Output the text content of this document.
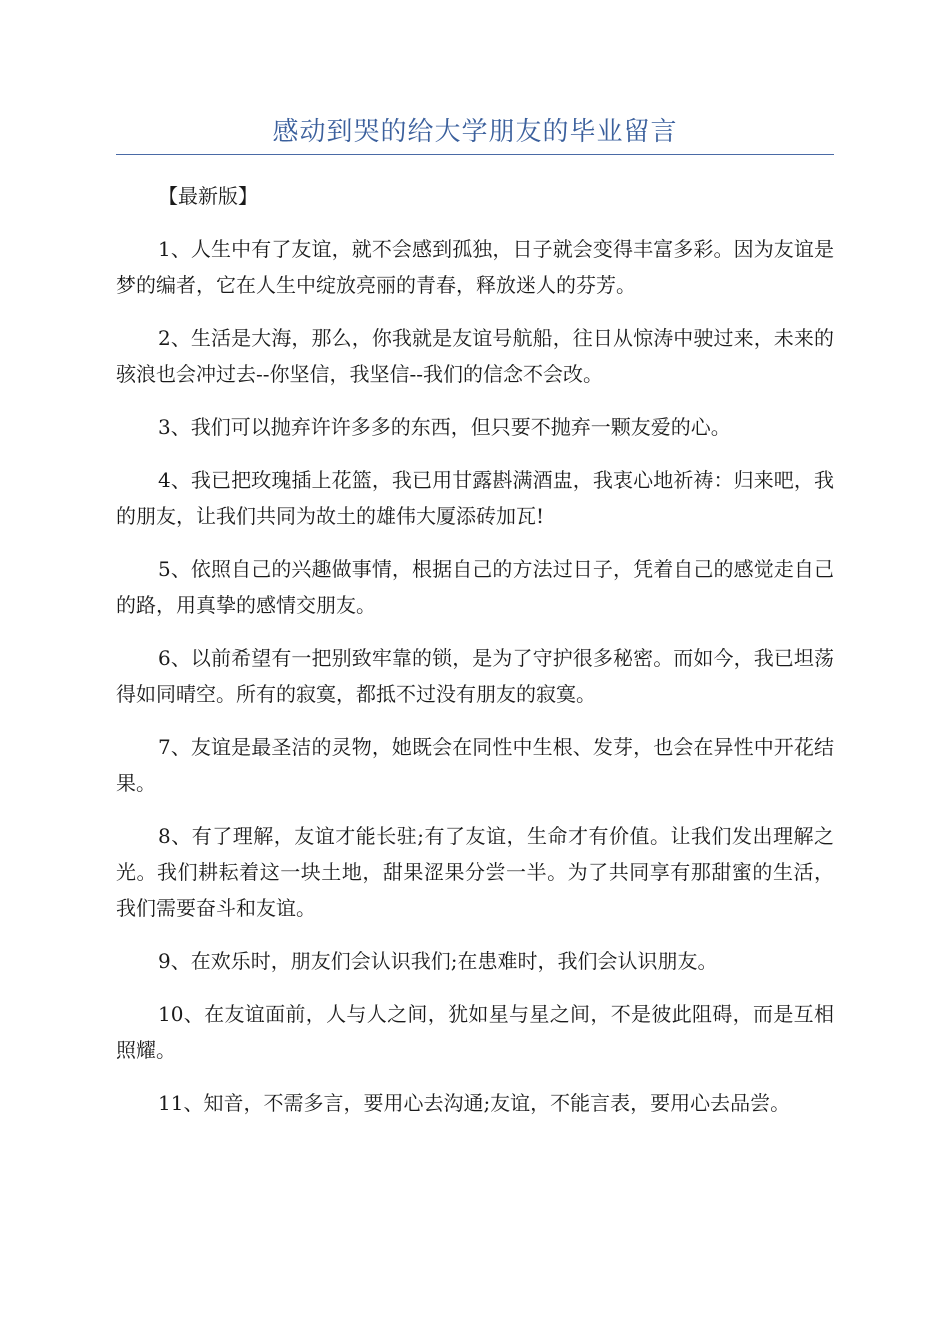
感动到哭的给大学朋友的毕业留言

【最新版】

1、人生中有了友谊，就不会感到孤独，日子就会变得丰富多彩。因为友谊是梦的编者，它在人生中绽放亮丽的青春，释放迷人的芬芳。

2、生活是大海，那么，你我就是友谊号航船，往日从惊涛中驶过来，未来的骇浪也会冲过去--你坚信，我坚信--我们的信念不会改。

3、我们可以抛弃许许多多的东西，但只要不抛弃一颗友爱的心。

4、我已把玫瑰插上花篮，我已用甘露斟满酒盅，我衷心地祈祷：归来吧，我的朋友，让我们共同为故土的雄伟大厦添砖加瓦!

5、依照自己的兴趣做事情，根据自己的方法过日子，凭着自己的感觉走自己的路，用真挚的感情交朋友。

6、以前希望有一把别致牢靠的锁，是为了守护很多秘密。而如今，我已坦荡得如同晴空。所有的寂寞，都抵不过没有朋友的寂寞。

7、友谊是最圣洁的灵物，她既会在同性中生根、发芽，也会在异性中开花结果。

8、有了理解，友谊才能长驻;有了友谊，生命才有价值。让我们发出理解之光。我们耕耘着这一块土地，甜果涩果分尝一半。为了共同享有那甜蜜的生活，我们需要奋斗和友谊。

9、在欢乐时，朋友们会认识我们;在患难时，我们会认识朋友。

10、在友谊面前，人与人之间，犹如星与星之间，不是彼此阻碍，而是互相照耀。

11、知音，不需多言，要用心去沟通;友谊，不能言表，要用心去品尝。
